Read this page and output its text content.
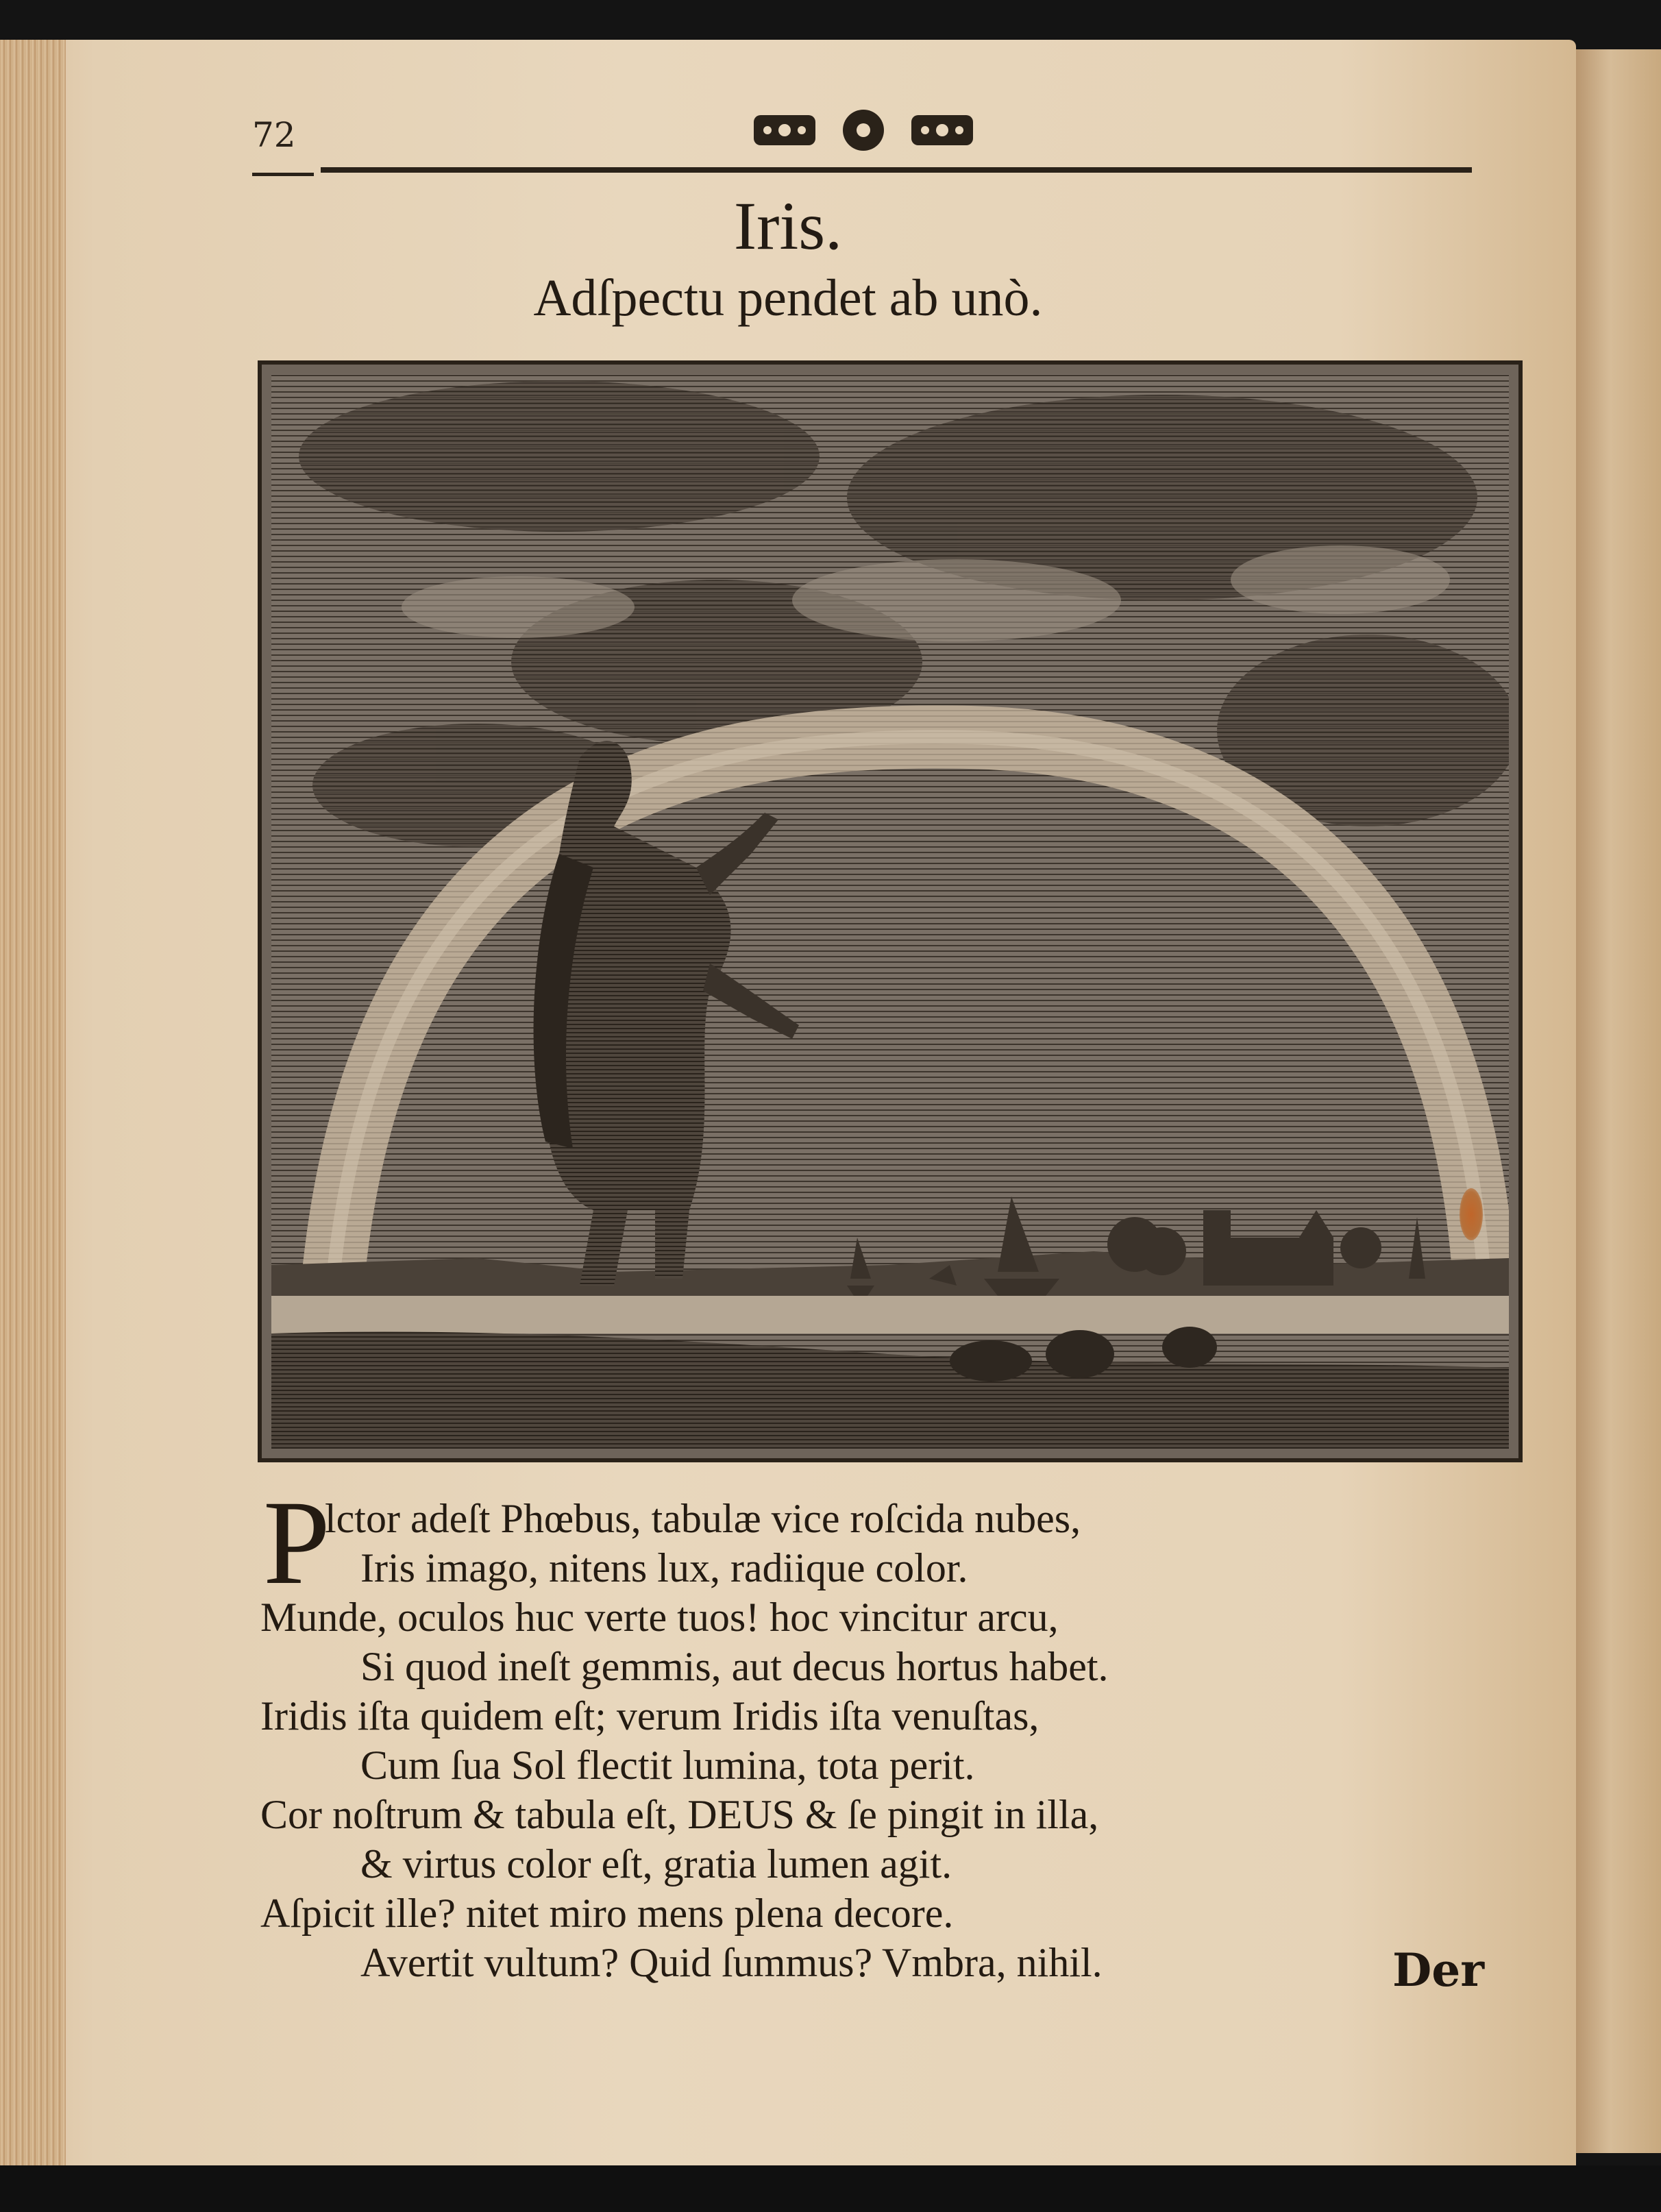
72
Iris.
Adſpectu pendet ab unò.
P
lctor adeſt Phœbus, tabulæ vice roſcida nubes,
Iris imago, nitens lux, radiique color.
Munde, oculos huc verte tuos! hoc vincitur arcu,
Si quod ineſt gemmis, aut decus hortus habet.
Iridis iſta quidem eſt; verum Iridis iſta venuſtas,
Cum ſua Sol flectit lumina, tota perit.
Cor noſtrum & tabula eſt, DEUS & ſe pingit in illa,
& virtus color eſt, gratia lumen agit.
Aſpicit ille? nitet miro mens plena decore.
Avertit vultum? Quid ſummus? Vmbra, nihil.	Der
